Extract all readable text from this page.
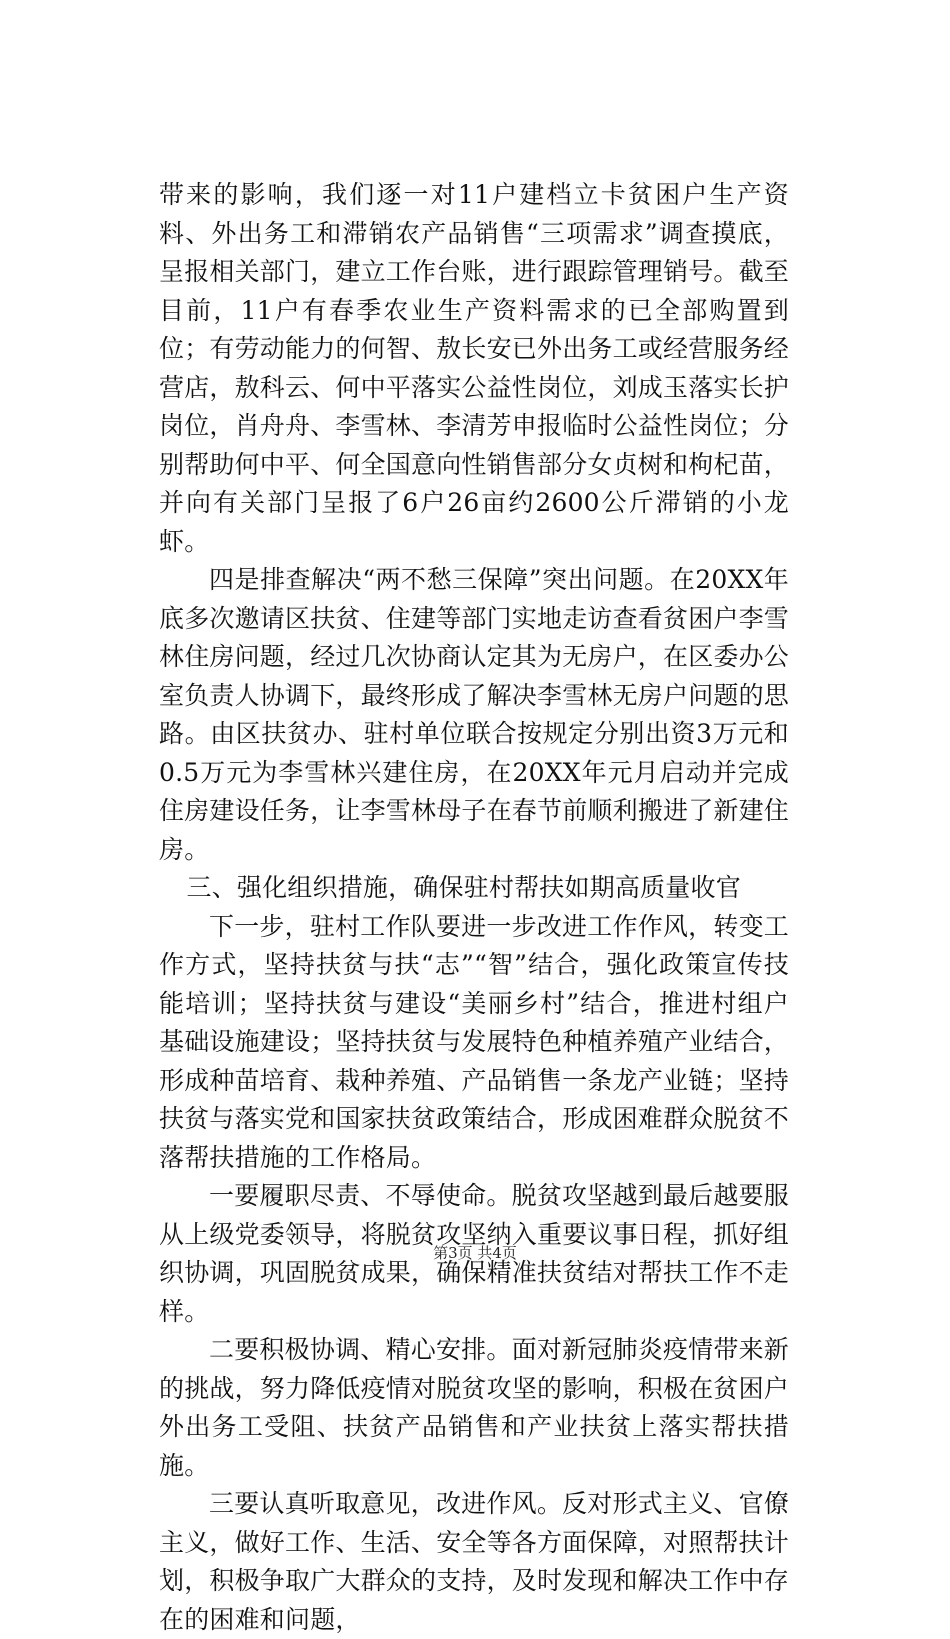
带来的影响，我们逐一对11户建档立卡贫困户生产资料、外出务工和滞销农产品销售“三项需求”调查摸底，呈报相关部门，建立工作台账，进行跟踪管理销号。截至目前，11户有春季农业生产资料需求的已全部购置到位；有劳动能力的何智、敖长安已外出务工或经营服务经营店，敖科云、何中平落实公益性岗位，刘成玉落实长护岗位，肖舟舟、李雪林、李清芳申报临时公益性岗位；分别帮助何中平、何全国意向性销售部分女贞树和枸杞苗，并向有关部门呈报了6户26亩约2600公斤滞销的小龙虾。

四是排查解决“两不愁三保障”突出问题。在20XX年底多次邀请区扶贫、住建等部门实地走访查看贫困户李雪林住房问题，经过几次协商认定其为无房户，在区委办公室负责人协调下，最终形成了解决李雪林无房户问题的思路。由区扶贫办、驻村单位联合按规定分别出资3万元和0.5万元为李雪林兴建住房，在20XX年元月启动并完成住房建设任务，让李雪林母子在春节前顺利搬进了新建住房。

三、强化组织措施，确保驻村帮扶如期高质量收官

下一步，驻村工作队要进一步改进工作作风，转变工作方式，坚持扶贫与扶“志”“智”结合，强化政策宣传技能培训；坚持扶贫与建设“美丽乡村”结合，推进村组户基础设施建设；坚持扶贫与发展特色种植养殖产业结合，形成种苗培育、栽种养殖、产品销售一条龙产业链；坚持扶贫与落实党和国家扶贫政策结合，形成困难群众脱贫不落帮扶措施的工作格局。

一要履职尽责、不辱使命。脱贫攻坚越到最后越要服从上级党委领导，将脱贫攻坚纳入重要议事日程，抓好组织协调，巩固脱贫成果，确保精准扶贫结对帮扶工作不走样。

二要积极协调、精心安排。面对新冠肺炎疫情带来新的挑战，努力降低疫情对脱贫攻坚的影响，积极在贫困户外出务工受阻、扶贫产品销售和产业扶贫上落实帮扶措施。

三要认真听取意见，改进作风。反对形式主义、官僚主义，做好工作、生活、安全等各方面保障，对照帮扶计划，积极争取广大群众的支持，及时发现和解决工作中存在的困难和问题，

第3页 共4页
